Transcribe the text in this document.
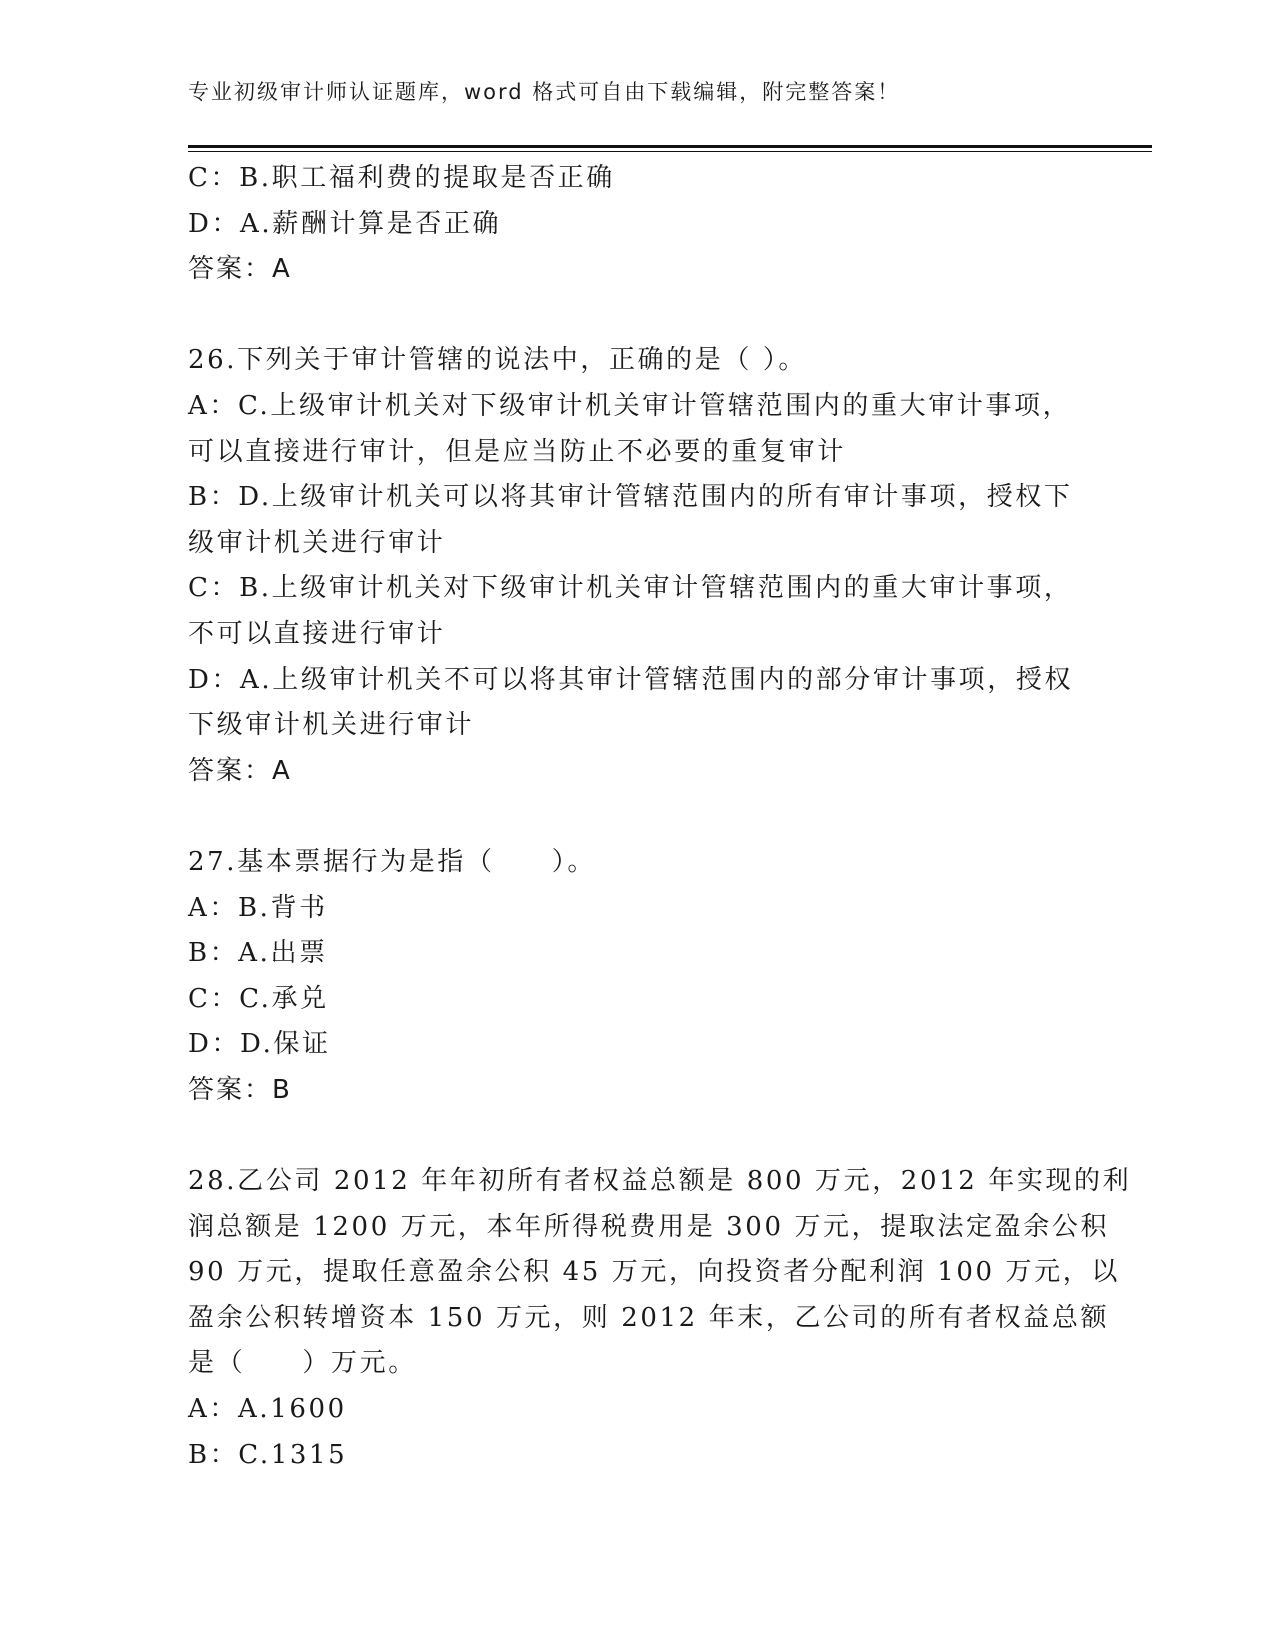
专业初级审计师认证题库，word 格式可自由下载编辑，附完整答案！
C：B.职工福利费的提取是否正确
D：A.薪酬计算是否正确
答案：A
26.下列关于审计管辖的说法中，正确的是（ ）。
A：C.上级审计机关对下级审计机关审计管辖范围内的重大审计事项，
可以直接进行审计，但是应当防止不必要的重复审计
B：D.上级审计机关可以将其审计管辖范围内的所有审计事项，授权下
级审计机关进行审计
C：B.上级审计机关对下级审计机关审计管辖范围内的重大审计事项，
不可以直接进行审计
D：A.上级审计机关不可以将其审计管辖范围内的部分审计事项，授权
下级审计机关进行审计
答案：A
27.基本票据行为是指（　　）。
A：B.背书
B：A.出票
C：C.承兑
D：D.保证
答案：B
28.乙公司 2012 年年初所有者权益总额是 800 万元，2012 年实现的利
润总额是 1200 万元，本年所得税费用是 300 万元，提取法定盈余公积
90 万元，提取任意盈余公积 45 万元，向投资者分配利润 100 万元，以
盈余公积转增资本 150 万元，则 2012 年末，乙公司的所有者权益总额
是（　　）万元。
A：A.1600
B：C.1315
